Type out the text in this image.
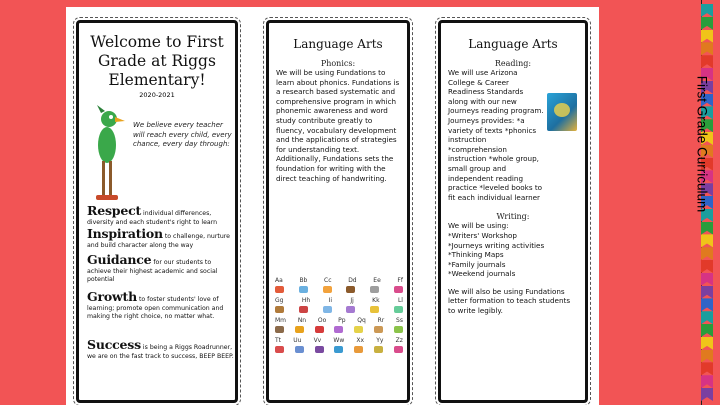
Welcome to First Grade at Riggs Elementary!
2020-2021
We believe every teacher will reach every child, every chance, every day through:
Respect individual differences, diversity and each student's right to learn
Inspiration to challenge, nurture and build character along the way
Guidance for our students to achieve their highest academic and social potential
Growth to foster students' love of learning; promote open communication and making the right choice, no matter what.
Success is being a Riggs Roadrunner, we are on the fast track to success, BEEP BEEP.
Language Arts
Phonics:
We will be using Fundations to learn about phonics. Fundations is a research based systematic and comprehensive program in which phonemic awareness and word study contribute greatly to fluency, vocabulary development and the applications of strategies for understanding text. Additionally, Fundations sets the foundation for writing with the direct teaching of handwriting.
Aa	Bb	Cc	Dd	Ee	Ff
Gg	Hh	Ii	Jj	Kk	Ll
Mm Nn Oo Pp Qq Rr Ss
Tt Uu Vv Ww Xx Yy Zz
Language Arts
Reading:
We will use Arizona College & Career Readiness Standards along with our new Journeys reading program. Journeys provides: *a variety of texts *phonics instruction *comprehension instruction *whole group, small group and independent reading practice *leveled books to fit each individual learner
Writing:
We will be using:
*Writers' Workshop
*Journeys writing activities
*Thinking Maps
*Family journals
*Weekend journals
We will also be using Fundations letter formation to teach students to write legibly.
First Grade Curriculum
